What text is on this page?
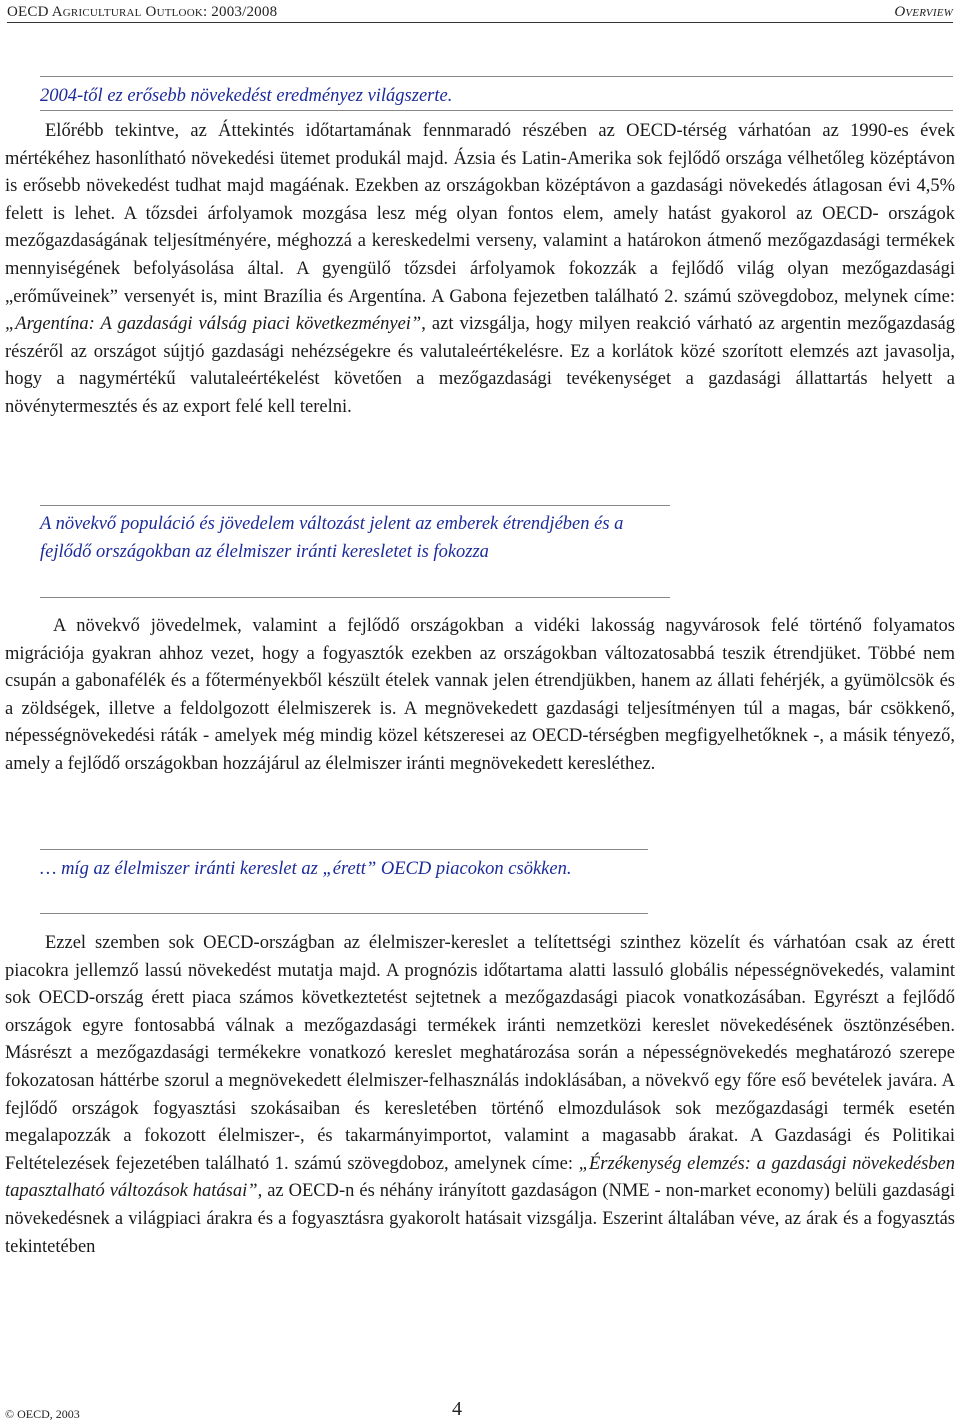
OECD Agricultural Outlook: 2003/2008	Overview

2004-től ez erősebb növekedést eredményez világszerte.

Előrébb tekintve, az Áttekintés időtartamának fennmaradó részében az OECD-térség várhatóan az 1990-es évek mértékéhez hasonlítható növekedési ütemet produkál majd. Ázsia és Latin-Amerika sok fejlődő országa vélhetőleg középtávon is erősebb növekedést tudhat majd magáénak. Ezekben az országokban középtávon a gazdasági növekedés átlagosan évi 4,5% felett is lehet. A tőzsdei árfolyamok mozgása lesz még olyan fontos elem, amely hatást gyakorol az OECD- országok mezőgazdaságának teljesítményére, méghozzá a kereskedelmi verseny, valamint a határokon átmenő mezőgazdasági termékek mennyiségének befolyásolása által. A gyengülő tőzsdei árfolyamok fokozzák a fejlődő világ olyan mezőgazdasági „erőműveinek” versenyét is, mint Brazília és Argentína. A Gabona fejezetben található 2. számú szövegdoboz, melynek címe: „Argentína: A gazdasági válság piaci következményei”, azt vizsgálja, hogy milyen reakció várható az argentin mezőgazdaság részéről az országot sújtjó gazdasági nehézségekre és valutaleértékelésre. Ez a korlátok közé szorított elemzés azt javasolja, hogy a nagymértékű valutaleértékelést követően a mezőgazdasági tevékenységet a gazdasági állattartás helyett a növénytermesztés és az export felé kell terelni.

A növekvő populáció és jövedelem változást jelent az emberek étrendjében és a fejlődő országokban az élelmiszer iránti keresletet is fokozza

A növekvő jövedelmek, valamint a fejlődő országokban a vidéki lakosság nagyvárosok felé történő folyamatos migrációja gyakran ahhoz vezet, hogy a fogyasztók ezekben az országokban változatosabbá teszik étrendjüket. Többé nem csupán a gabonafélék és a főterményekből készült ételek vannak jelen étrendjükben, hanem az állati fehérjék, a gyümölcsök és a zöldségek, illetve a feldolgozott élelmiszerek is. A megnövekedett gazdasági teljesítményen túl a magas, bár csökkenő, népességnövekedési ráták - amelyek még mindig közel kétszeresei az OECD-térségben megfigyelhetőknek -, a másik tényező, amely a fejlődő országokban hozzájárul az élelmiszer iránti megnövekedett keresléthez.

… míg az élelmiszer iránti kereslet az „érett” OECD piacokon csökken.

Ezzel szemben sok OECD-országban az élelmiszer-kereslet a telítettségi szinthez közelít és várhatóan csak az érett piacokra jellemző lassú növekedést mutatja majd. A prognózis időtartama alatti lassuló globális népességnövekedés, valamint sok OECD-ország érett piaca számos következtetést sejtetnek a mezőgazdasági piacok vonatkozásában. Egyrészt a fejlődő országok egyre fontosabbá válnak a mezőgazdasági termékek iránti nemzetközi kereslet növekedésének ösztönzésében. Másrészt a mezőgazdasági termékekre vonatkozó kereslet meghatározása során a népességnövekedés meghatározó szerepe fokozatosan háttérbe szorul a megnövekedett élelmiszer-felhasználás indoklásában, a növekvő egy főre eső bevételek javára. A fejlődő országok fogyasztási szokásaiban és keresletében történő elmozdulások sok mezőgazdasági termék esetén megalapozzák a fokozott élelmiszer-, és takarmányimportot, valamint a magasabb árakat. A Gazdasági és Politikai Feltételezések fejezetében található 1. számú szövegdoboz, amelynek címe: „Érzékenység elemzés: a gazdasági növekedésben tapasztalható változások hatásai”, az OECD-n és néhány irányított gazdaságon (NME - non-market economy) belüli gazdasági növekedésnek a világpiaci árakra és a fogyasztásra gyakorolt hatásait vizsgálja. Eszerint általában véve, az árak és a fogyasztás tekintetében

© OECD, 2003	4
